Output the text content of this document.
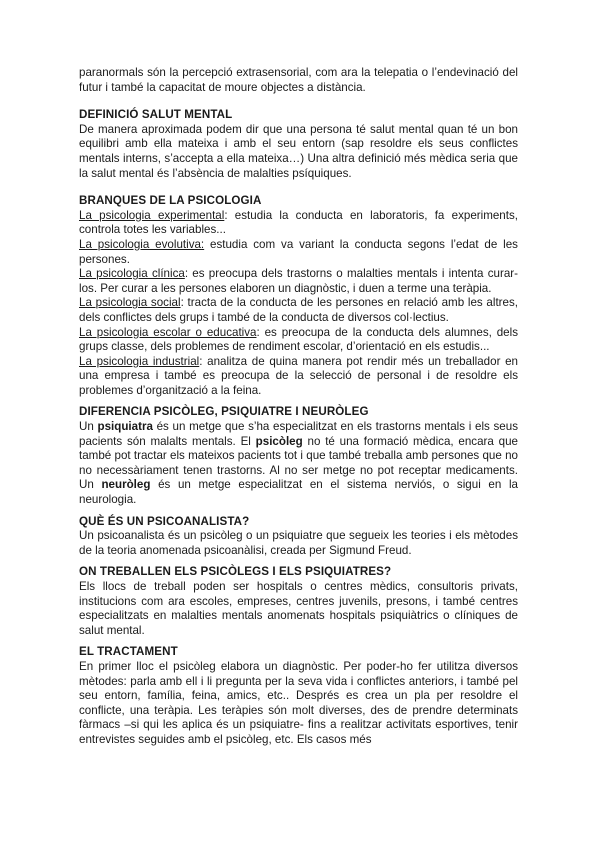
paranormals són la percepció extrasensorial, com ara la telepatia o l’endevinació del futur i també la capacitat de moure objectes a distància.

DEFINICIÓ SALUT MENTAL

De manera aproximada podem dir que una persona té salut mental quan té un bon equilibri amb ella mateixa i amb el seu entorn (sap resoldre els seus conflictes mentals interns, s’accepta a ella mateixa…) Una altra definició més mèdica seria que la salut mental és l’absència de malalties psíquiques.

BRANQUES DE LA PSICOLOGIA

La psicologia experimental: estudia la conducta en laboratoris, fa experiments, controla totes les variables...

La psicologia evolutiva: estudia com va variant la conducta segons l’edat de les persones.

La psicologia clínica: es preocupa dels trastorns o malalties mentals i intenta curar-los. Per curar a les persones elaboren un diagnòstic, i duen a terme una teràpia.

La psicologia social: tracta de la conducta de les persones en relació amb les altres, dels conflictes dels grups i també de la conducta de diversos col·lectius.

La psicologia escolar o educativa: es preocupa de la conducta dels alumnes, dels grups classe, dels problemes de rendiment escolar, d’orientació en els estudis...

La psicologia industrial: analitza de quina manera pot rendir més un treballador en una empresa i també es preocupa de la selecció de personal i de resoldre els problemes d’organització a la feina.

DIFERENCIA PSICÒLEG, PSIQUIATRE I NEURÒLEG

Un psiquiatra és un metge que s’ha especialitzat en els trastorns mentals i els seus pacients són malalts mentals. El psicòleg no té una formació mèdica, encara que també pot tractar els mateixos pacients tot i que també treballa amb persones que no no necessàriament tenen trastorns. Al no ser metge no pot receptar medicaments. Un neuròleg és un metge especialitzat en el sistema nerviós, o sigui en la neurologia.

QUÈ ÉS UN PSICOANALISTA?

Un psicoanalista és un psicòleg o un psiquiatre que segueix les teories i els mètodes de la teoria anomenada psicoanàlisi, creada per Sigmund Freud.

ON TREBALLEN ELS PSICÒLEGS I ELS PSIQUIATRES?

Els llocs de treball poden ser hospitals o centres mèdics, consultoris privats, institucions com ara escoles, empreses, centres juvenils, presons, i també centres especialitzats en malalties mentals anomenats hospitals psiquiàtrics o clíniques de salut mental.

EL TRACTAMENT

En primer lloc el psicòleg elabora un diagnòstic. Per poder-ho fer utilitza diversos mètodes: parla amb ell i li pregunta per la seva vida i conflictes anteriors, i també pel seu entorn, família, feina, amics, etc.. Després es crea un pla per resoldre el conflicte, una teràpia. Les teràpies són molt diverses, des de prendre determinats fàrmacs –si qui les aplica és un psiquiatre- fins a realitzar activitats esportives, tenir entrevistes seguides amb el psicòleg, etc. Els casos més
